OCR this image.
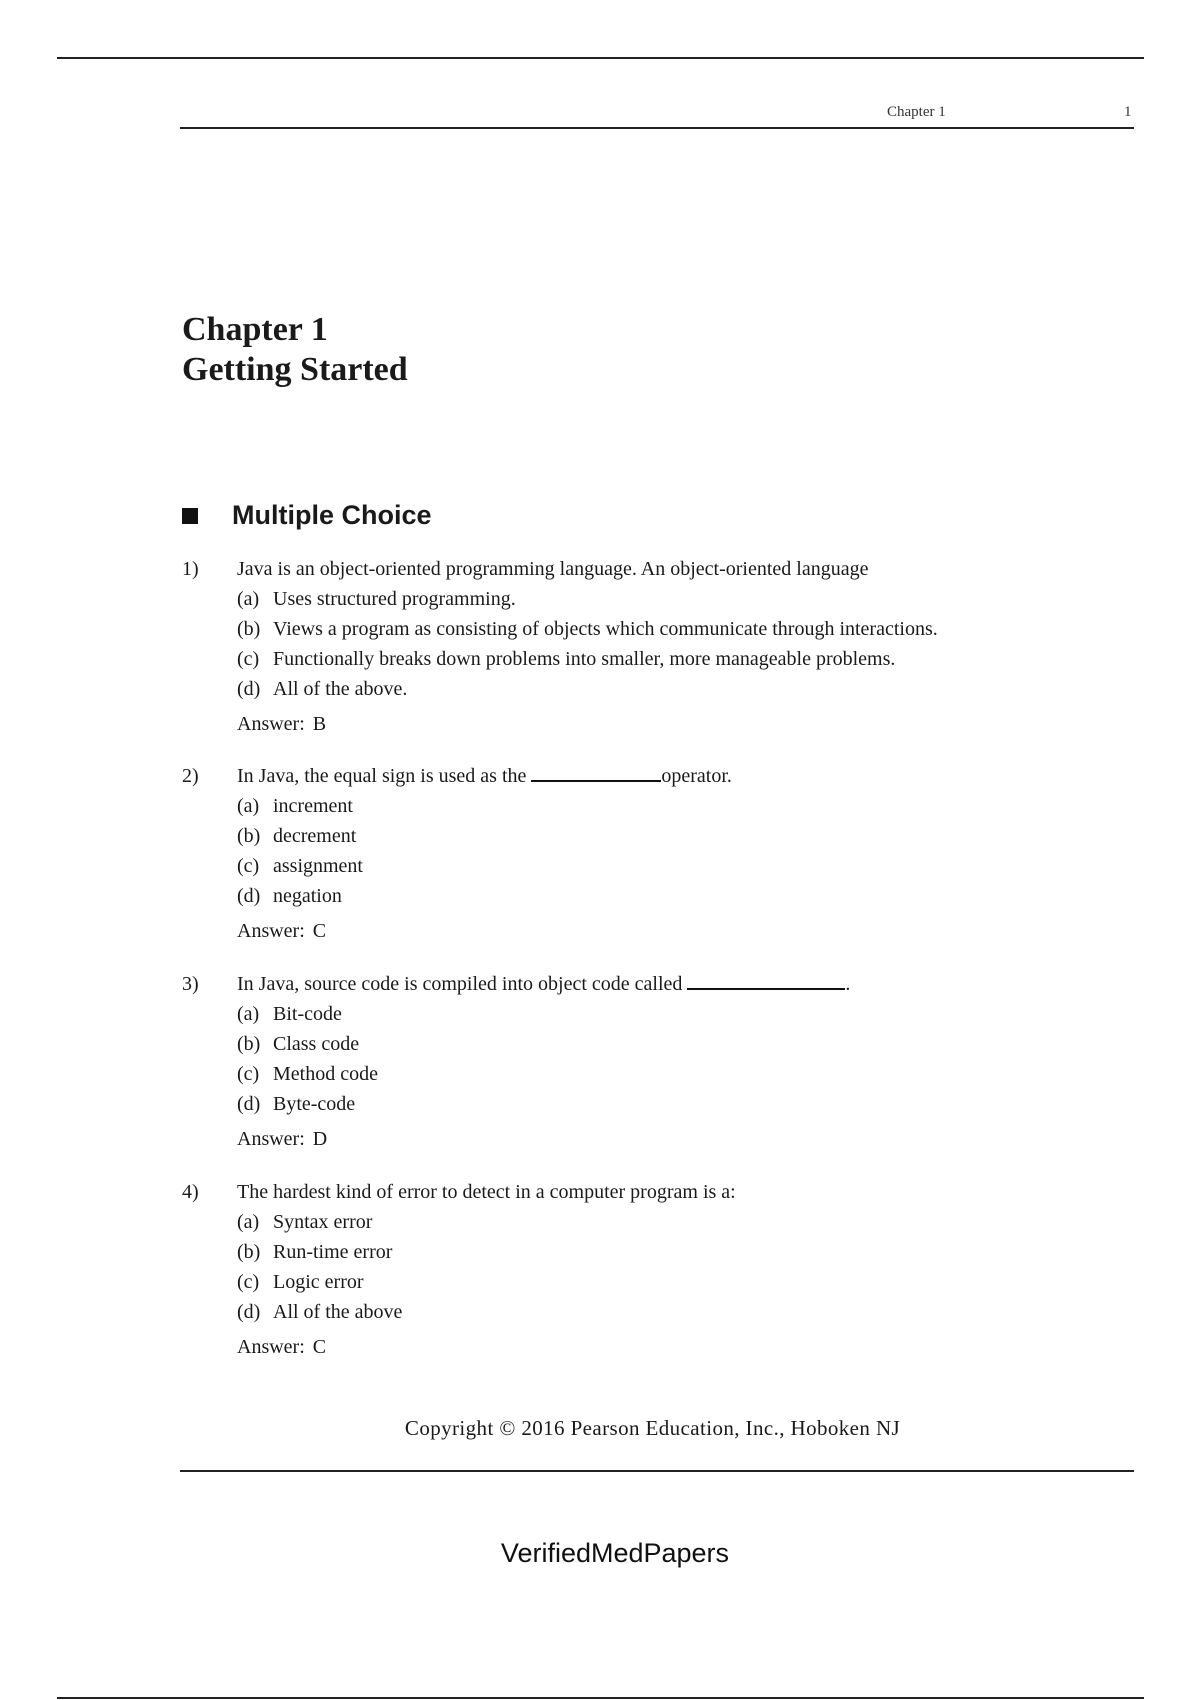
Chapter 1	1
Chapter 1
Getting Started
Multiple Choice
1)	Java is an object-oriented programming language. An object-oriented language
(a) Uses structured programming.
(b) Views a program as consisting of objects which communicate through interactions.
(c) Functionally breaks down problems into smaller, more manageable problems.
(d) All of the above.
Answer: B
2)	In Java, the equal sign is used as the	operator.
(a) increment
(b) decrement
(c) assignment
(d) negation
Answer: C
3)	In Java, source code is compiled into object code called	.
(a) Bit-code
(b) Class code
(c) Method code
(d) Byte-code
Answer: D
4)	The hardest kind of error to detect in a computer program is a:
(a) Syntax error
(b) Run-time error
(c) Logic error
(d) All of the above
Answer: C
Copyright © 2016 Pearson Education, Inc., Hoboken NJ
VerifiedMedPapers
